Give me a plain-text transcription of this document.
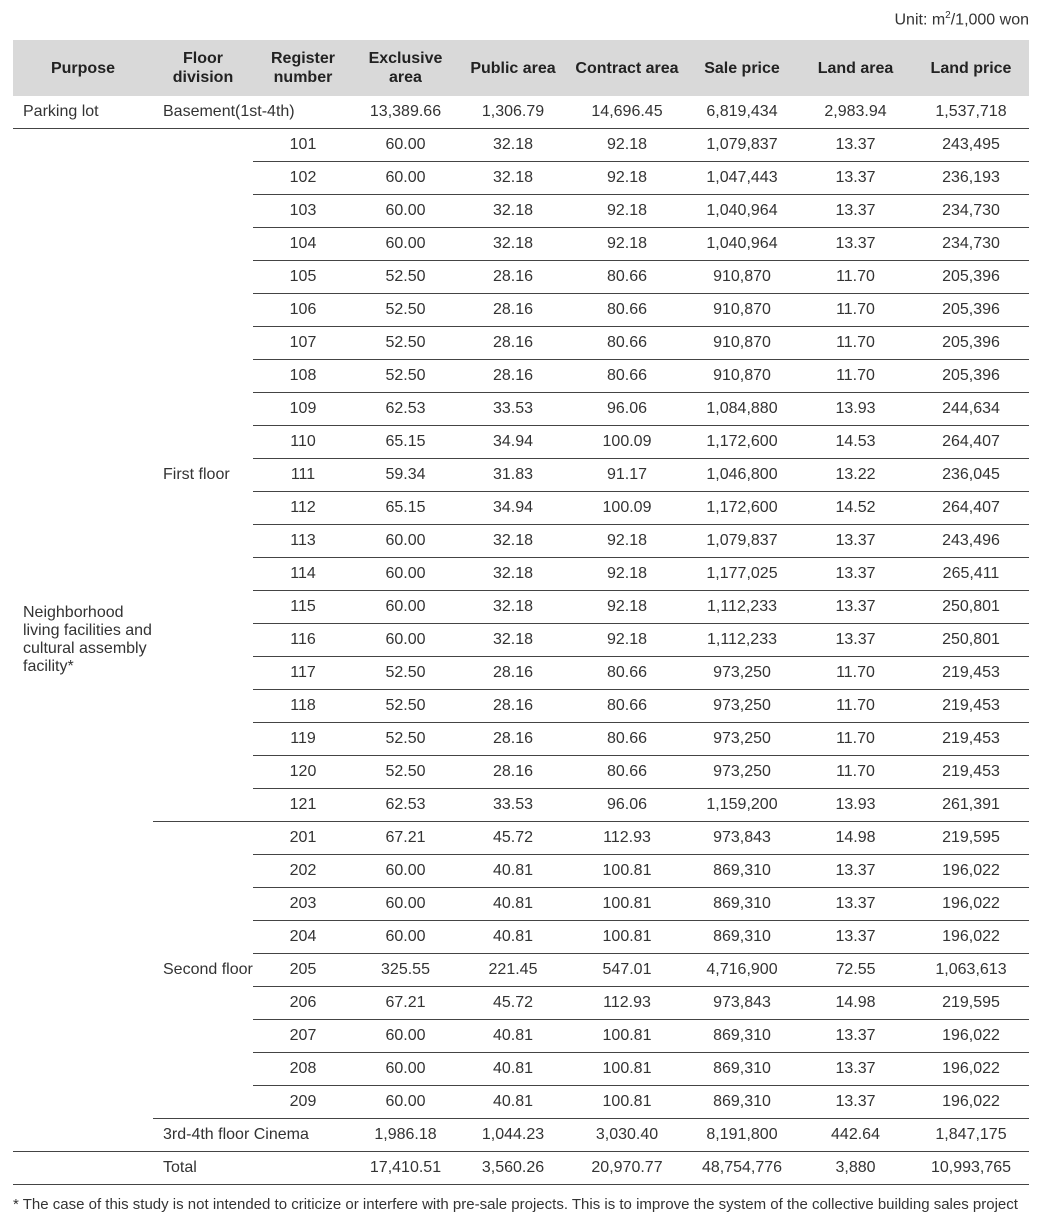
Unit: $m^2/1,000$ won
Purpose	Floor division	Register number	Exclusive area	Public area	Contract area	Sale price	Land area	Land price
Parking lot	Basement(1st-4th)		13,389.66	1,306.79	14,696.45	6,819,434	2,983.94	1,537,718
Neighborhood living facilities and cultural assembly facility*	First floor	101	60.00	32.18	92.18	1,079,837	13.37	243,495
		102	60.00	32.18	92.18	1,047,443	13.37	236,193
		103	60.00	32.18	92.18	1,040,964	13.37	234,730
		104	60.00	32.18	92.18	1,040,964	13.37	234,730
		105	52.50	28.16	80.66	910,870	11.70	205,396
		106	52.50	28.16	80.66	910,870	11.70	205,396
		107	52.50	28.16	80.66	910,870	11.70	205,396
		108	52.50	28.16	80.66	910,870	11.70	205,396
		109	62.53	33.53	96.06	1,084,880	13.93	244,634
		110	65.15	34.94	100.09	1,172,600	14.53	264,407
		111	59.34	31.83	91.17	1,046,800	13.22	236,045
		112	65.15	34.94	100.09	1,172,600	14.52	264,407
		113	60.00	32.18	92.18	1,079,837	13.37	243,496
		114	60.00	32.18	92.18	1,177,025	13.37	265,411
		115	60.00	32.18	92.18	1,112,233	13.37	250,801
		116	60.00	32.18	92.18	1,112,233	13.37	250,801
		117	52.50	28.16	80.66	973,250	11.70	219,453
		118	52.50	28.16	80.66	973,250	11.70	219,453
		119	52.50	28.16	80.66	973,250	11.70	219,453
		120	52.50	28.16	80.66	973,250	11.70	219,453
		121	62.53	33.53	96.06	1,159,200	13.93	261,391
	Second floor	201	67.21	45.72	112.93	973,843	14.98	219,595
		202	60.00	40.81	100.81	869,310	13.37	196,022
		203	60.00	40.81	100.81	869,310	13.37	196,022
		204	60.00	40.81	100.81	869,310	13.37	196,022
		205	325.55	221.45	547.01	4,716,900	72.55	1,063,613
		206	67.21	45.72	112.93	973,843	14.98	219,595
		207	60.00	40.81	100.81	869,310	13.37	196,022
		208	60.00	40.81	100.81	869,310	13.37	196,022
		209	60.00	40.81	100.81	869,310	13.37	196,022
	3rd-4th floor Cinema		1,986.18	1,044.23	3,030.40	8,191,800	442.64	1,847,175
	Total		17,410.51	3,560.26	20,970.77	48,754,776	3,880	10,993,765
* The case of this study is not intended to criticize or interfere with pre-sale projects. This is to improve the system of the collective building sales project
